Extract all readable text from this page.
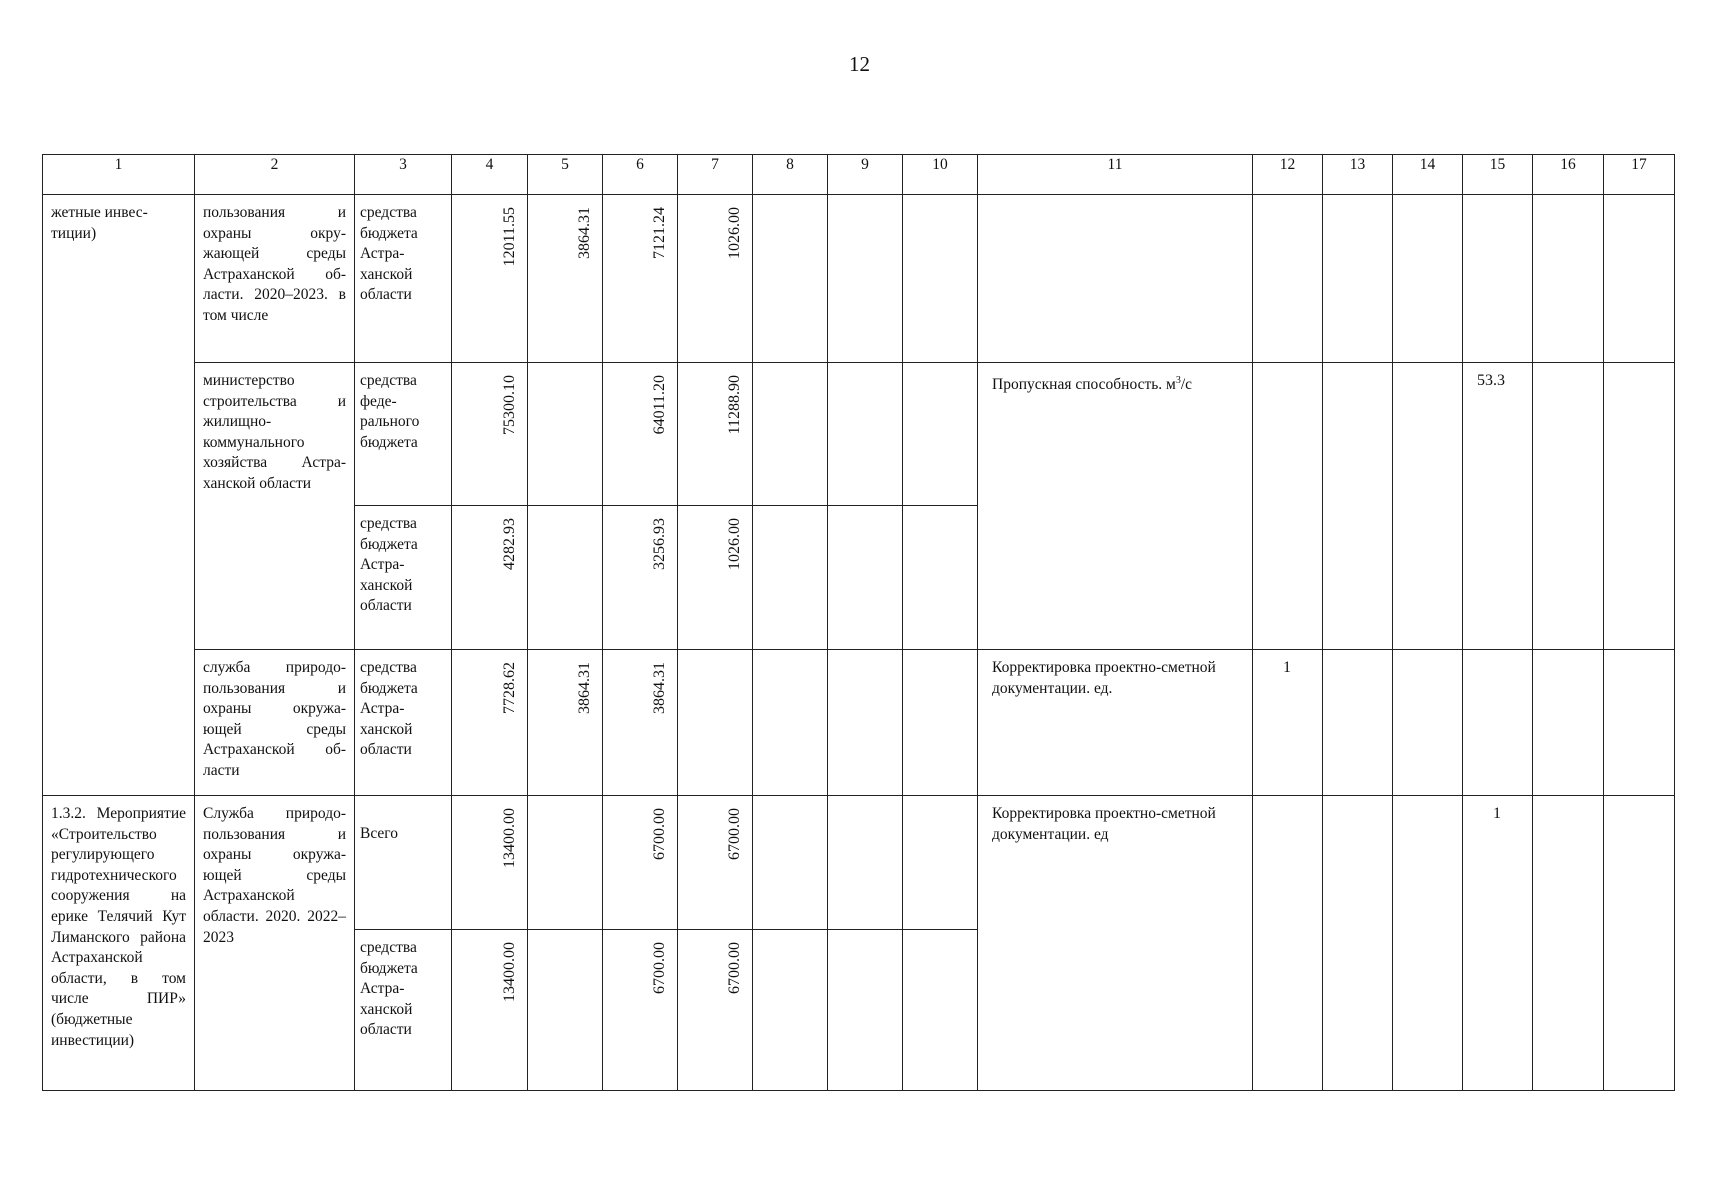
12
1	2	3	4	5	6	7	8	9	10	11	12	13	14	15	16	17	

жетные инвес-тиции)	пользования и охраны окру-жающей среды Астраханской об-ласти. 2020–2023. в том числе	средства бюджета Астра-ханской области	12011.55	3864.31	7121.24	1026.00											

	министерство строительства и жилищно-коммунального хозяйства Астра-ханской области	средства феде-рального бюджета	75300.10		64011.20	11288.90				Пропускная способность. $м^3/с$				53.3			

		средства бюджета Астра-ханской области	4282.93		3256.93	1026.00											

	служба природо-пользования и охраны окружа-ющей среды Астраханской об-ласти	средства бюджета Астра-ханской области	7728.62	3864.31	3864.31					Корректировка проектно-сметной документации. ед.	1						

1.3.2. Мероприятие «Строительство регулирующего гидротехнического сооружения на ерике Телячий Кут Лиманского района Астраханской области, в том числе ПИР» (бюджетные инвестиции)	Служба природо-пользования и охраны окружа-ющей среды Астраханской области. 2020. 2022–2023	Всего	13400.00		6700.00	6700.00				Корректировка проектно-сметной документации. ед				1			

		средства бюджета Астра-ханской области	13400.00		6700.00	6700.00											
